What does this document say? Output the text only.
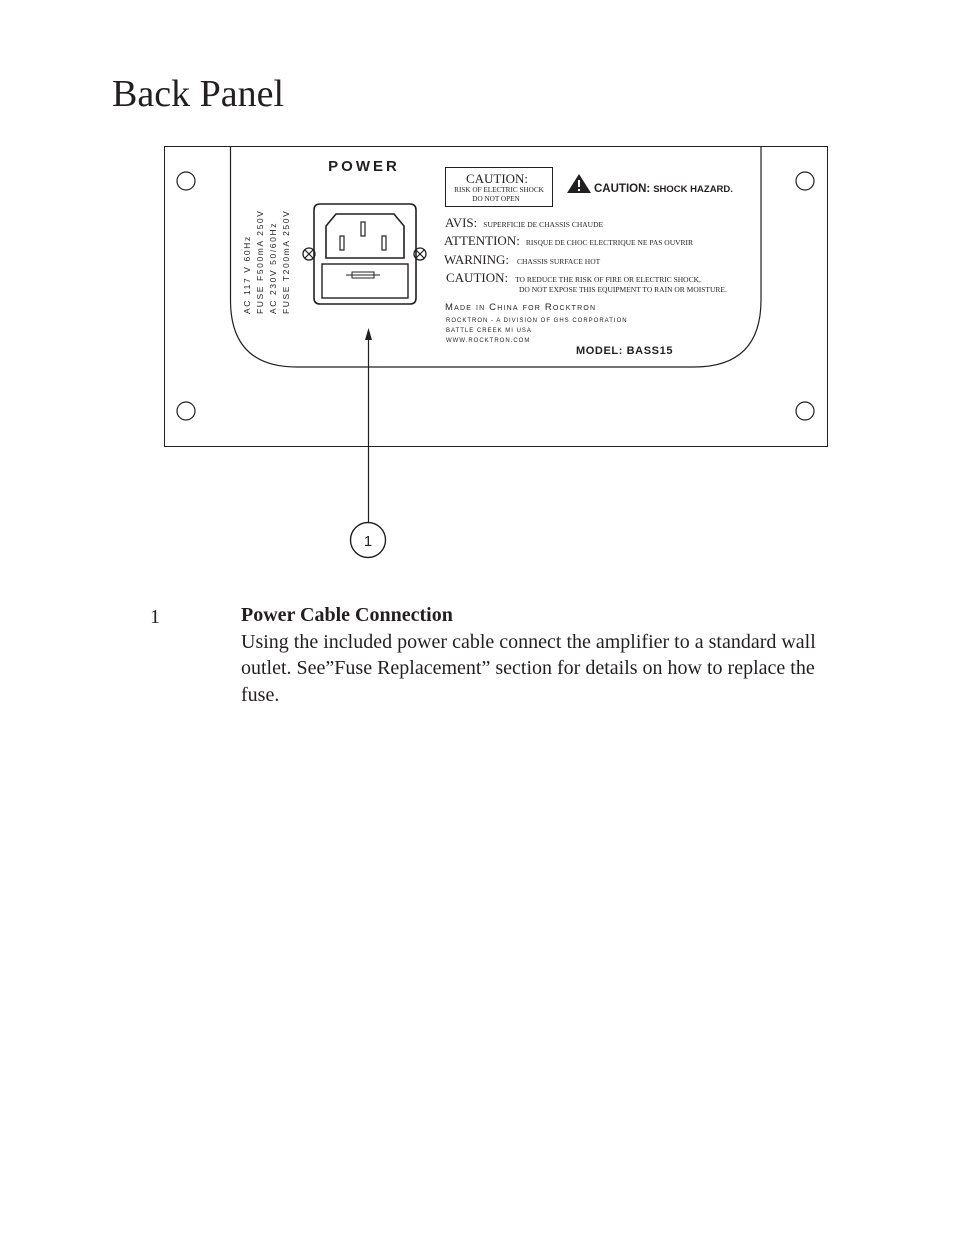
Back Panel
POWER
AC 117 V 60Hz FUSE F500mA 250V AC 230V 50/60Hz FUSE T200mA 250V
CAUTION:
RISK OF ELECTRIC SHOCK
DO NOT OPEN
CAUTION: SHOCK HAZARD.
AVIS: SUPERFICIE DE CHASSIS CHAUDE
ATTENTION: RISQUE DE CHOC ELECTRIQUE NE PAS OUVRIR
WARNING: CHASSIS SURFACE HOT
CAUTION: TO REDUCE THE RISK OF FIRE OR ELECTRIC SHOCK,
DO NOT EXPOSE THIS EQUIPMENT TO RAIN OR MOISTURE.
Made in China for Rocktron
ROCKTRON - A DIVISION OF GHS CORPORATION
BATTLE CREEK MI USA
WWW.ROCKTRON.COM
MODEL: BASS15
1
1	Power Cable Connection
Using the included power cable connect the amplifier to a standard wall outlet. See”Fuse Replacement” section for details on how to replace the fuse.
